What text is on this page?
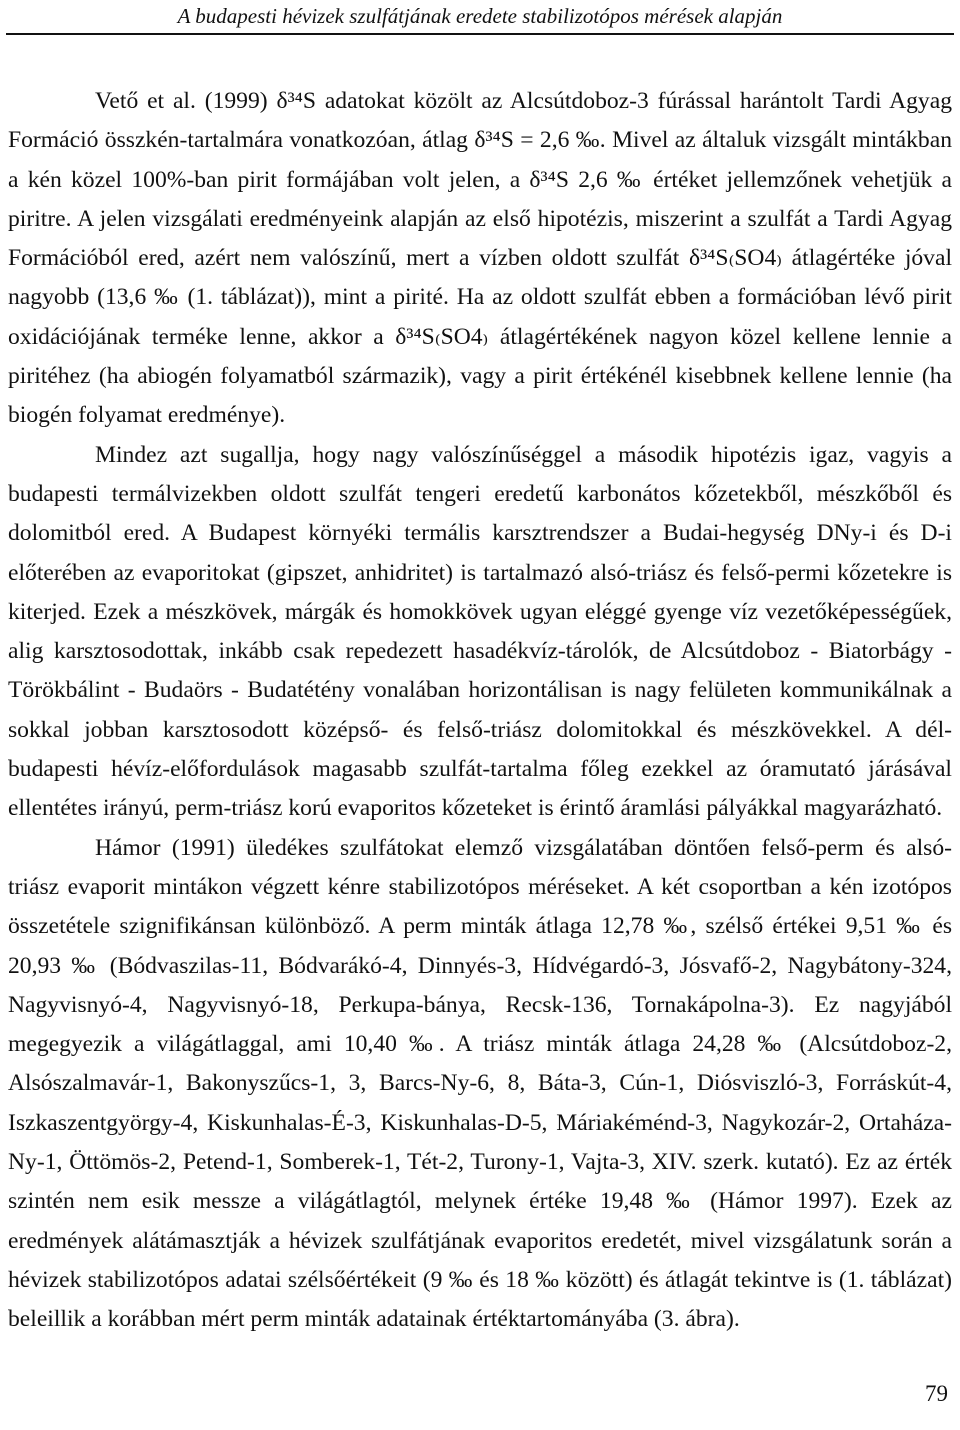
A budapesti hévizek szulfátjának eredete stabilizotópos mérések alapján

Vető et al. (1999) δ³⁴S adatokat közölt az Alcsútdoboz-3 fúrással harántolt Tardi Agyag Formáció összkén-tartalmára vonatkozóan, átlag δ³⁴S = 2,6 ‰. Mivel az általuk vizsgált mintákban a kén közel 100%-ban pirit formájában volt jelen, a δ³⁴S 2,6 ‰ értéket jellemzőnek vehetjük a piritre. A jelen vizsgálati eredményeink alapján az első hipotézis, miszerint a szulfát a Tardi Agyag Formációból ered, azért nem valószínű, mert a vízben oldott szulfát δ³⁴S₍SO4₎ átlagértéke jóval nagyobb (13,6 ‰ (1. táblázat)), mint a pirité. Ha az oldott szulfát ebben a formációban lévő pirit oxidációjának terméke lenne, akkor a δ³⁴S₍SO4₎ átlagértékének nagyon közel kellene lennie a piritéhez (ha abiogén folyamatból származik), vagy a pirit értékénél kisebbnek kellene lennie (ha biogén folyamat eredménye).

Mindez azt sugallja, hogy nagy valószínűséggel a második hipotézis igaz, vagyis a budapesti termálvizekben oldott szulfát tengeri eredetű karbonátos kőzetekből, mészkőből és dolomitból ered. A Budapest környéki termális karsztrendszer a Budai-hegység DNy-i és D-i előterében az evaporitokat (gipszet, anhidritet) is tartalmazó alsó-triász és felső-permi kőzetekre is kiterjed. Ezek a mészkövek, márgák és homokkövek ugyan eléggé gyenge víz vezetőképességűek, alig karsztosodottak, inkább csak repedezett hasadékvíz-tárolók, de Alcsútdoboz - Biatorbágy - Törökbálint - Budaörs - Budatétény vonalában horizontálisan is nagy felületen kommunikálnak a sokkal jobban karsztosodott középső- és felső-triász dolomitokkal és mészkövekkel. A dél-budapesti hévíz-előfordulások magasabb szulfát-tartalma főleg ezekkel az óramutató járásával ellentétes irányú, perm-triász korú evaporitos kőzeteket is érintő áramlási pályákkal magyarázható.

Hámor (1991) üledékes szulfátokat elemző vizsgálatában döntően felső-perm és alsó-triász evaporit mintákon végzett kénre stabilizotópos méréseket. A két csoportban a kén izotópos összetétele szignifikánsan különböző. A perm minták átlaga 12,78 ‰, szélső értékei 9,51 ‰ és 20,93 ‰ (Bódvaszilas-11, Bódvarákó-4, Dinnyés-3, Hídvégardó-3, Jósvafő-2, Nagybátony-324, Nagyvisnyó-4, Nagyvisnyó-18, Perkupa-bánya, Recsk-136, Tornakápolna-3). Ez nagyjából megegyezik a világátlaggal, ami 10,40 ‰. A triász minták átlaga 24,28 ‰ (Alcsútdoboz-2, Alsószalmavár-1, Bakonyszűcs-1, 3, Barcs-Ny-6, 8, Báta-3, Cún-1, Diósviszló-3, Forráskút-4, Iszkaszentgyörgy-4, Kiskunhalas-É-3, Kiskunhalas-D-5, Máriakéménd-3, Nagykozár-2, Ortaháza-Ny-1, Öttömös-2, Petend-1, Somberek-1, Tét-2, Turony-1, Vajta-3, XIV. szerk. kutató). Ez az érték szintén nem esik messze a világátlagtól, melynek értéke 19,48 ‰ (Hámor 1997). Ezek az eredmények alátámasztják a hévizek szulfátjának evaporitos eredetét, mivel vizsgálatunk során a hévizek stabilizotópos adatai szélsőértékeit (9 ‰ és 18 ‰ között) és átlagát tekintve is (1. táblázat) beleillik a korábban mért perm minták adatainak értéktartományába (3. ábra).

79
